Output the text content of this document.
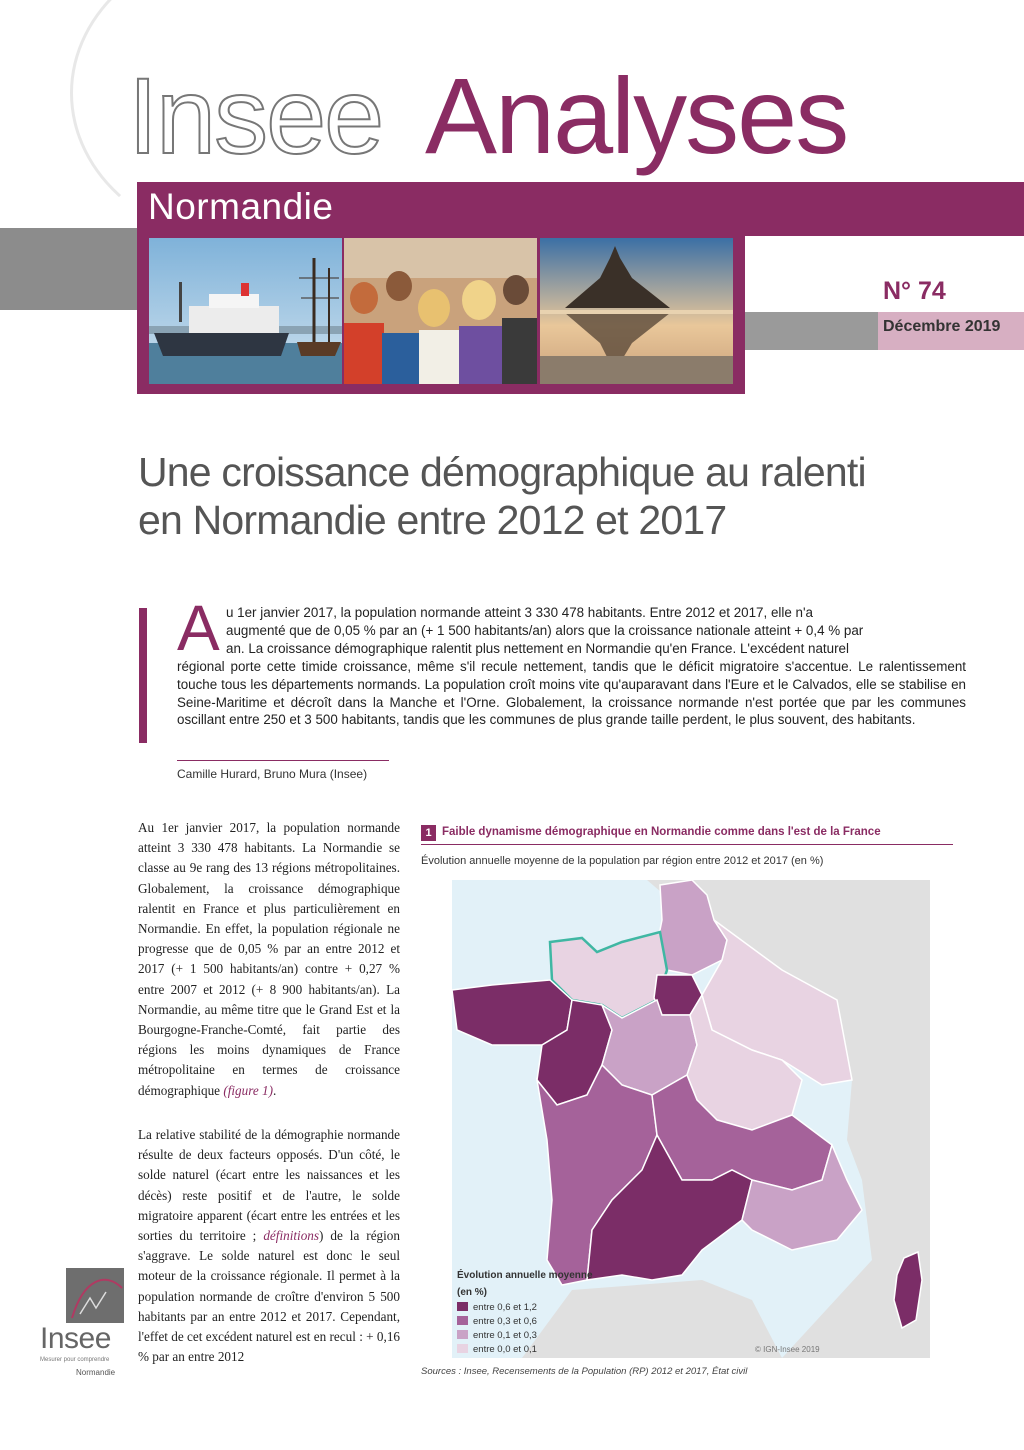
Insee Analyses
Normandie
N° 74
Décembre 2019
Une croissance démographique au ralenti
en Normandie entre 2012 et 2017
A u 1er janvier 2017, la population normande atteint 3 330 478 habitants. Entre 2012 et 2017, elle n'a
augmenté que de 0,05 % par an (+ 1 500 habitants/an) alors que la croissance nationale atteint + 0,4 % par
an. La croissance démographique ralentit plus nettement en Normandie qu'en France. L'excédent naturel
régional porte cette timide croissance, même s'il recule nettement, tandis que le déficit migratoire s'accentue. Le ralentissement touche tous les départements normands. La population croît moins vite qu'auparavant dans l'Eure et le Calvados, elle se stabilise en Seine-Maritime et décroît dans la Manche et l'Orne. Globalement, la croissance normande n'est portée que par les communes oscillant entre 250 et 3 500 habitants, tandis que les communes de plus grande taille perdent, le plus souvent, des habitants.
Camille Hurard, Bruno Mura (Insee)

Au 1er janvier 2017, la population normande atteint 3 330 478 habitants. La Normandie se classe au 9e rang des 13 régions métropolitaines. Globalement, la croissance démographique ralentit en France et plus particulièrement en Normandie. En effet, la population régionale ne progresse que de 0,05 % par an entre 2012 et 2017 (+ 1 500 habitants/an) contre + 0,27 % entre 2007 et 2012 (+ 8 900 habitants/an). La Normandie, au même titre que le Grand Est et la Bourgogne-Franche-Comté, fait partie des régions les moins dynamiques de France métropolitaine en termes de croissance démographique (figure 1).

La relative stabilité de la démographie normande résulte de deux facteurs opposés. D'un côté, le solde naturel (écart entre les naissances et les décès) reste positif et de l'autre, le solde migratoire apparent (écart entre les entrées et les sorties du territoire ; définitions) de la région s'aggrave. Le solde naturel est donc le seul moteur de la croissance régionale. Il permet à la population normande de croître d'environ 5 500 habitants par an entre 2012 et 2017. Cependant, l'effet de cet excédent naturel est en recul : + 0,16 % par an entre 2012

Insee
Mesurer pour comprendre
Normandie
1 Faible dynamisme démographique en Normandie comme dans l'est de la France
Évolution annuelle moyenne de la population par région entre 2012 et 2017 (en %)
Évolution annuelle moyenne
(en %)
entre 0,6 et 1,2
entre 0,3 et 0,6
entre 0,1 et 0,3
entre 0,0 et 0,1	© IGN-Insee 2019
Sources : Insee, Recensements de la Population (RP) 2012 et 2017, État civil
